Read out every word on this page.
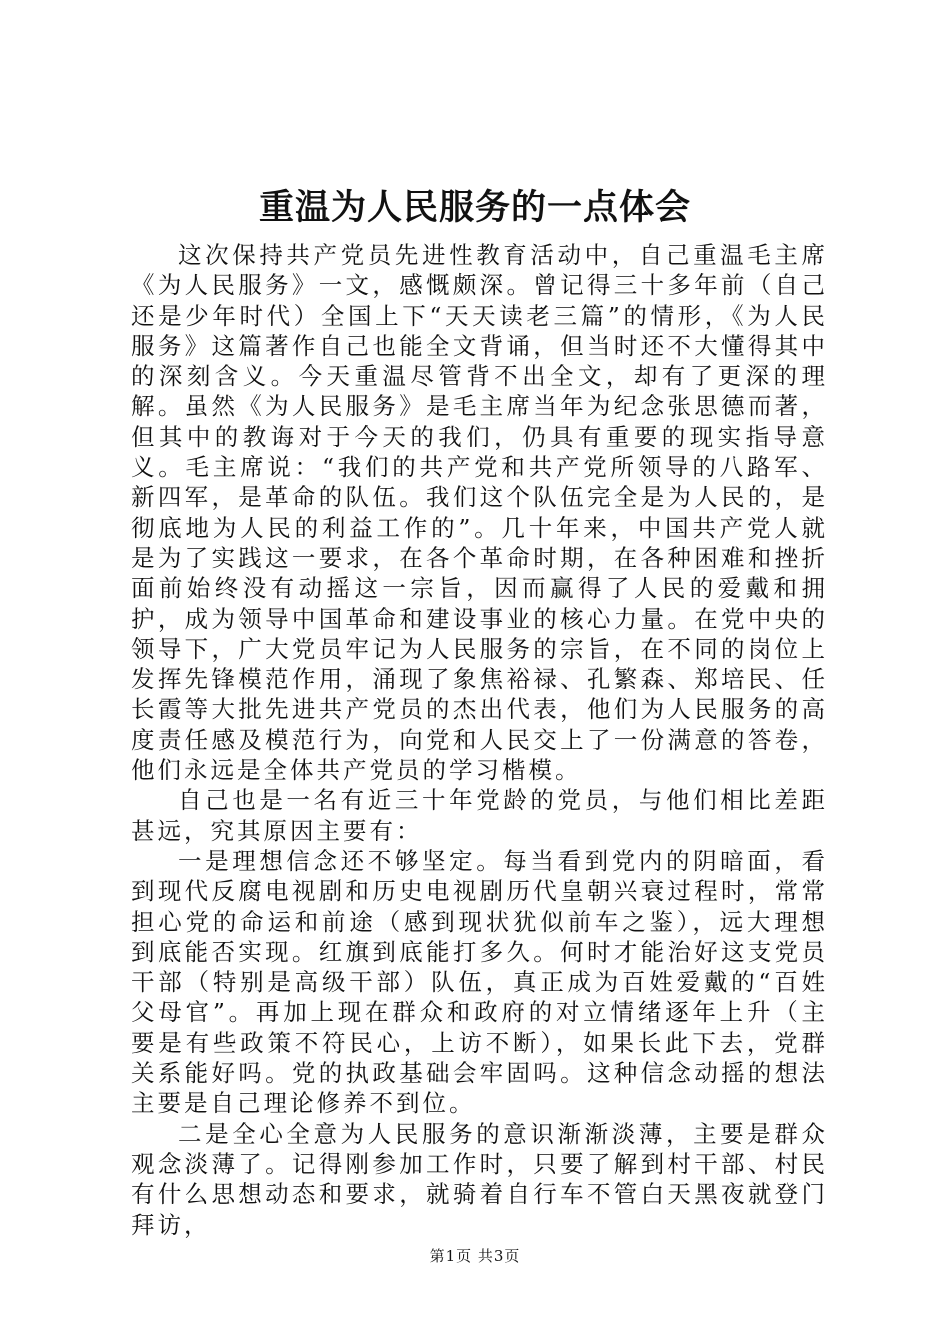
重温为人民服务的一点体会

这次保持共产党员先进性教育活动中，自己重温毛主席《为人民服务》一文，感慨颇深。曾记得三十多年前（自己还是少年时代）全国上下“天天读老三篇”的情形，《为人民服务》这篇著作自己也能全文背诵，但当时还不大懂得其中的深刻含义。今天重温尽管背不出全文，却有了更深的理解。虽然《为人民服务》是毛主席当年为纪念张思德而著，但其中的教诲对于今天的我们，仍具有重要的现实指导意义。毛主席说：“我们的共产党和共产党所领导的八路军、新四军，是革命的队伍。我们这个队伍完全是为人民的，是彻底地为人民的利益工作的”。几十年来，中国共产党人就是为了实践这一要求，在各个革命时期，在各种困难和挫折面前始终没有动摇这一宗旨，因而赢得了人民的爱戴和拥护，成为领导中国革命和建设事业的核心力量。在党中央的领导下，广大党员牢记为人民服务的宗旨，在不同的岗位上发挥先锋模范作用，涌现了象焦裕禄、孔繁森、郑培民、任长霞等大批先进共产党员的杰出代表，他们为人民服务的高度责任感及模范行为，向党和人民交上了一份满意的答卷，他们永远是全体共产党员的学习楷模。

自己也是一名有近三十年党龄的党员，与他们相比差距甚远，究其原因主要有：

一是理想信念还不够坚定。每当看到党内的阴暗面，看到现代反腐电视剧和历史电视剧历代皇朝兴衰过程时，常常担心党的命运和前途（感到现状犹似前车之鉴），远大理想到底能否实现。红旗到底能打多久。何时才能治好这支党员干部（特别是高级干部）队伍，真正成为百姓爱戴的“百姓父母官”。再加上现在群众和政府的对立情绪逐年上升（主要是有些政策不符民心，上访不断），如果长此下去，党群关系能好吗。党的执政基础会牢固吗。这种信念动摇的想法主要是自己理论修养不到位。

二是全心全意为人民服务的意识渐渐淡薄，主要是群众观念淡薄了。记得刚参加工作时，只要了解到村干部、村民有什么思想动态和要求，就骑着自行车不管白天黑夜就登门拜访，

第1页 共3页
